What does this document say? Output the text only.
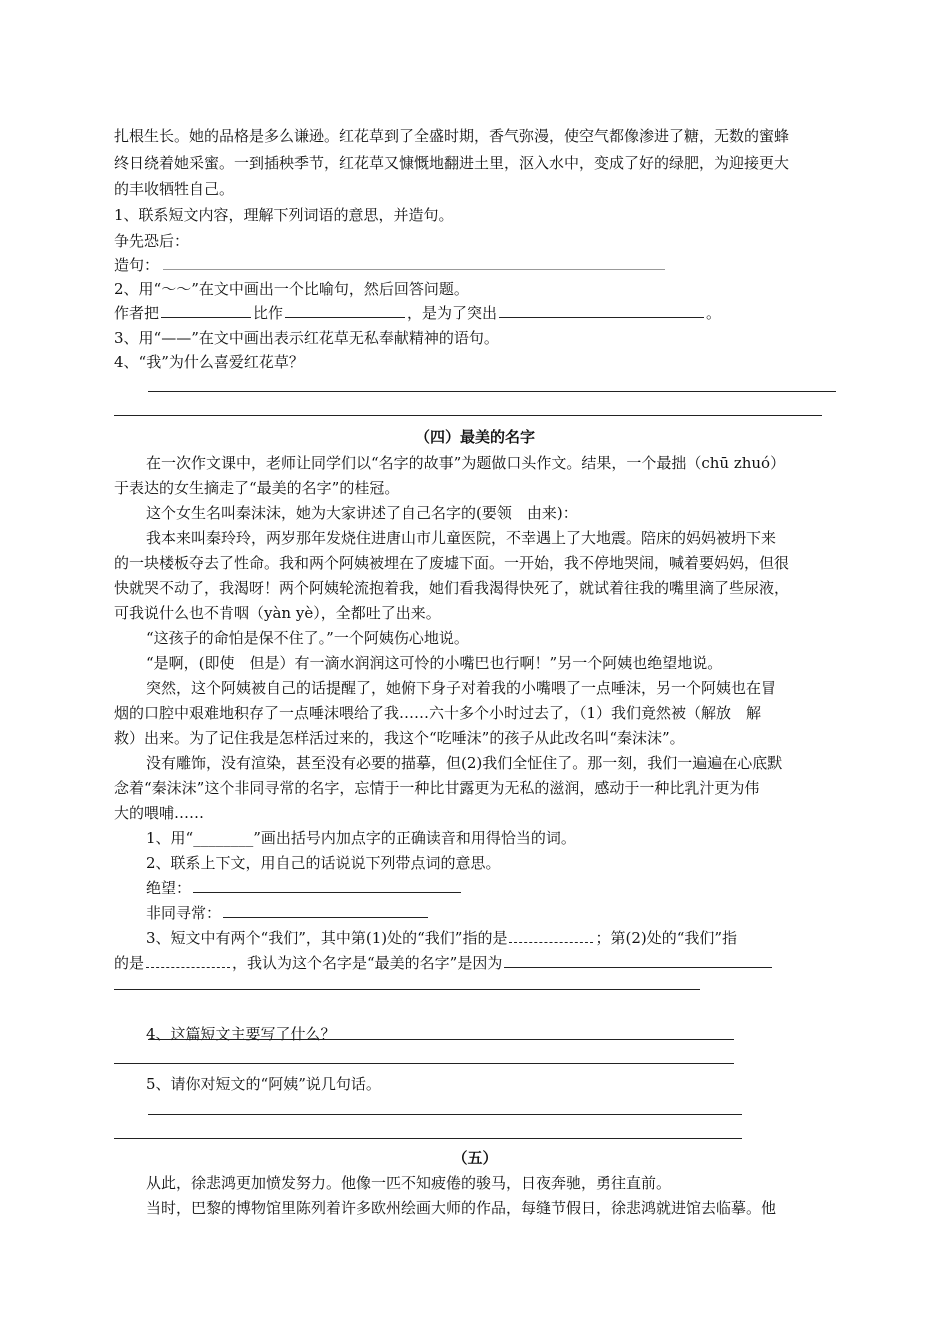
扎根生长。她的品格是多么谦逊。红花草到了全盛时期，香气弥漫，使空气都像渗进了糖，无数的蜜蜂
终日绕着她采蜜。一到插秧季节，红花草又慷慨地翻进土里，沤入水中，变成了好的绿肥，为迎接更大
的丰收牺牲自己。
1、联系短文内容，理解下列词语的意思，并造句。
争先恐后：
造句：
2、用“～～”在文中画出一个比喻句，然后回答问题。
作者把	比作	，是为了突出	。
3、用“——”在文中画出表示红花草无私奉献精神的语句。
4、“我”为什么喜爱红花草？
（四）最美的名字
在一次作文课中，老师让同学们以“名字的故事”为题做口头作文。结果，一个最拙（chū zhuó）
于表达的女生摘走了“最美的名字”的桂冠。
这个女生名叫秦沫沫，她为大家讲述了自己名字的(要领　由来)：
我本来叫秦玲玲，两岁那年发烧住进唐山市儿童医院，不幸遇上了大地震。陪床的妈妈被坍下来
的一块楼板夺去了性命。我和两个阿姨被埋在了废墟下面。一开始，我不停地哭闹，喊着要妈妈，但很
快就哭不动了，我渴呀！两个阿姨轮流抱着我，她们看我渴得快死了，就试着往我的嘴里滴了些尿液，
可我说什么也不肯咽（yàn yè），全都吐了出来。
“这孩子的命怕是保不住了。”一个阿姨伤心地说。
“是啊，(即使　但是）有一滴水润润这可怜的小嘴巴也行啊！”另一个阿姨也绝望地说。
突然，这个阿姨被自己的话提醒了，她俯下身子对着我的小嘴喂了一点唾沫，另一个阿姨也在冒
烟的口腔中艰难地积存了一点唾沫喂给了我……六十多个小时过去了，（1）我们竟然被（解放　解
救）出来。为了记住我是怎样活过来的，我这个“吃唾沫”的孩子从此改名叫“秦沫沫”。
没有雕饰，没有渲染，甚至没有必要的描摹，但(2)我们全怔住了。那一刻，我们一遍遍在心底默
念着“秦沫沫”这个非同寻常的名字，忘情于一种比甘露更为无私的滋润，感动于一种比乳汁更为伟
大的喂哺……
1、用“________”画出括号内加点字的正确读音和用得恰当的词。
2、联系上下文，用自己的话说说下列带点词的意思。
绝望：
非同寻常：
3、短文中有两个“我们”，其中第(1)处的“我们”指的是	；第(2)处的“我们”指
的是	，我认为这个名字是“最美的名字”是因为
4、这篇短文主要写了什么？
5、请你对短文的“阿姨”说几句话。
（五）
从此，徐悲鸿更加愤发努力。他像一匹不知疲倦的骏马，日夜奔驰，勇往直前。
当时，巴黎的博物馆里陈列着许多欧州绘画大师的作品，每缝节假日，徐悲鸿就进馆去临摹。他
